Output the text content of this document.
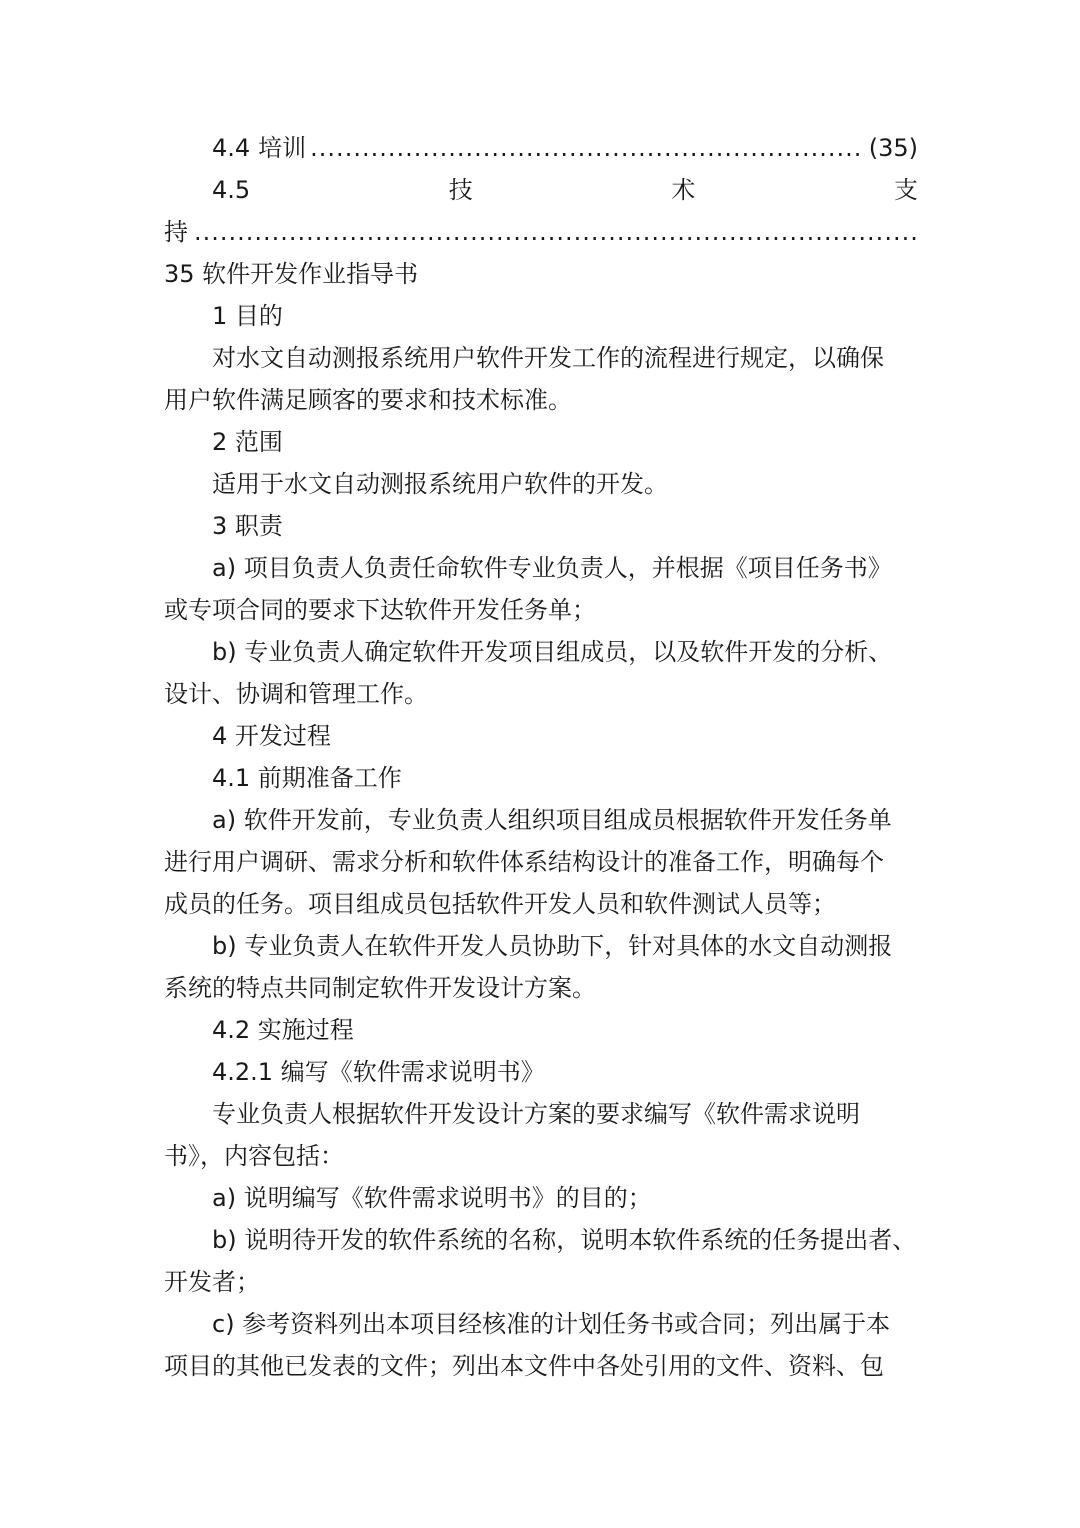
4.4 培训
.....	(35)
4.5	技	术	支
持
.....
35 软件开发作业指导书
1 目的
对水文自动测报系统用户软件开发工作的流程进行规定，以确保
用户软件满足顾客的要求和技术标准。
2 范围
适用于水文自动测报系统用户软件的开发。
3 职责
a) 项目负责人负责任命软件专业负责人，并根据《项目任务书》
或专项合同的要求下达软件开发任务单；
b) 专业负责人确定软件开发项目组成员，以及软件开发的分析、
设计、协调和管理工作。
4 开发过程
4.1 前期准备工作
a) 软件开发前，专业负责人组织项目组成员根据软件开发任务单
进行用户调研、需求分析和软件体系结构设计的准备工作，明确每个
成员的任务。项目组成员包括软件开发人员和软件测试人员等；
b) 专业负责人在软件开发人员协助下，针对具体的水文自动测报
系统的特点共同制定软件开发设计方案。
4.2 实施过程
4.2.1 编写《软件需求说明书》
专业负责人根据软件开发设计方案的要求编写《软件需求说明
书》，内容包括：
a) 说明编写《软件需求说明书》的目的；
b) 说明待开发的软件系统的名称，说明本软件系统的任务提出者、
开发者；
c) 参考资料列出本项目经核准的计划任务书或合同；列出属于本
项目的其他已发表的文件；列出本文件中各处引用的文件、资料、包
